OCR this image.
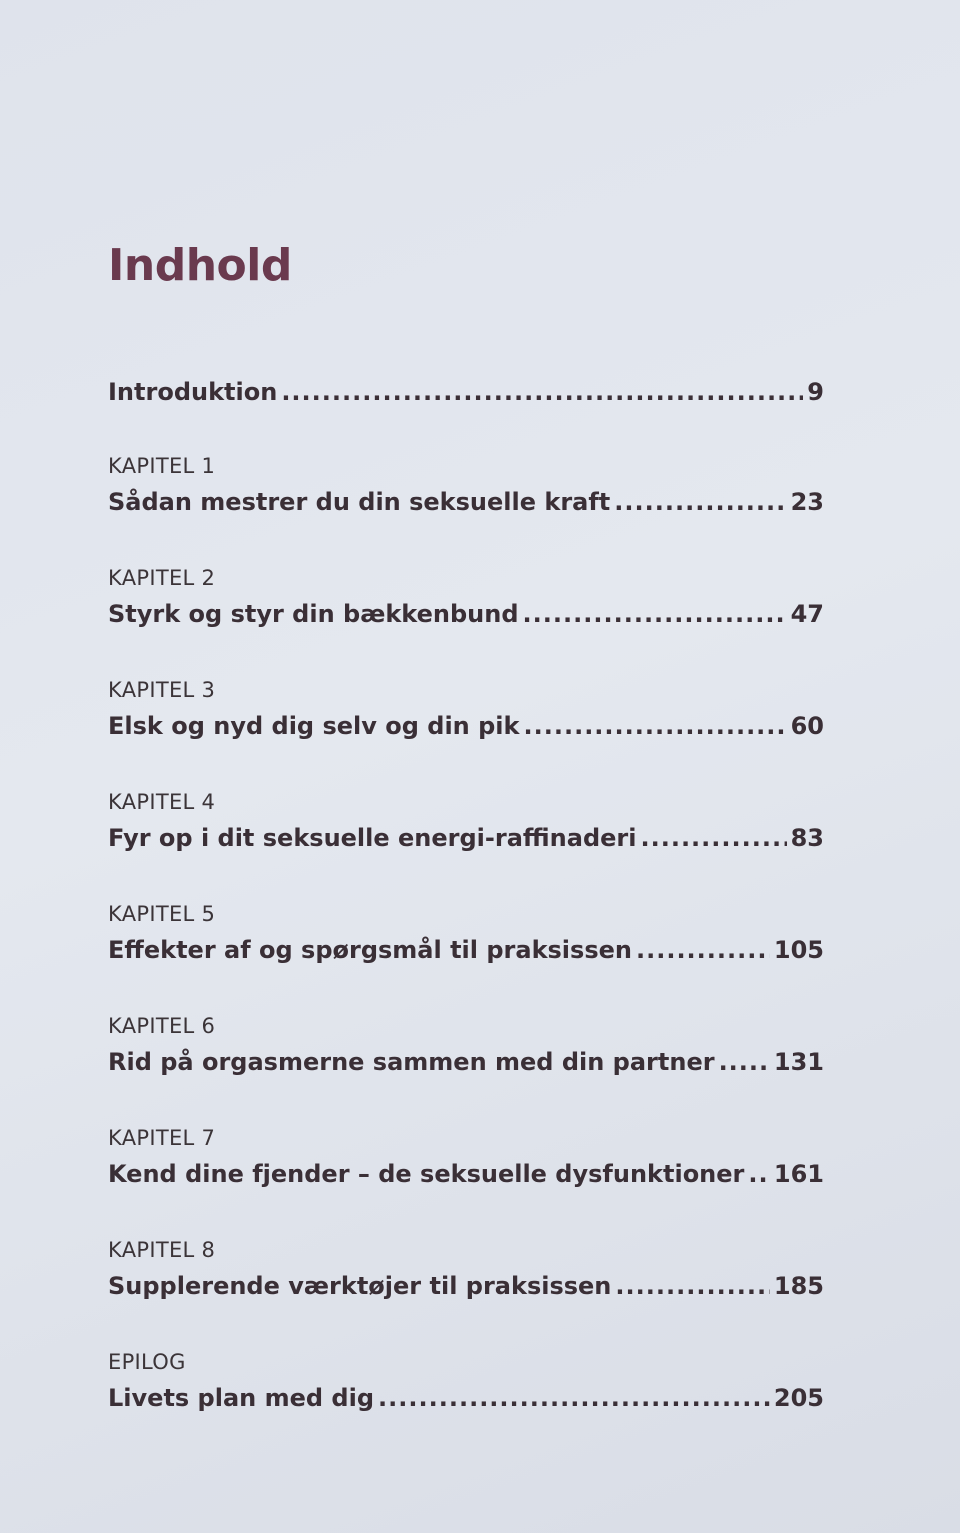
Indhold
Introduktion .....	9
KAPITEL 1
Sådan mestrer du din seksuelle kraft .....	23
KAPITEL 2
Styrk og styr din bækkenbund .....	47
KAPITEL 3
Elsk og nyd dig selv og din pik .....	60
KAPITEL 4
Fyr op i dit seksuelle energi-raffinaderi .....	83
KAPITEL 5
Effekter af og spørgsmål til praksissen .....	105
KAPITEL 6
Rid på orgasmerne sammen med din partner ..... 131
KAPITEL 7
Kend dine fjender – de seksuelle dysfunktioner ..... 161
KAPITEL 8
Supplerende værktøjer til praksissen .....	185
EPILOG
Livets plan med dig .....	205
